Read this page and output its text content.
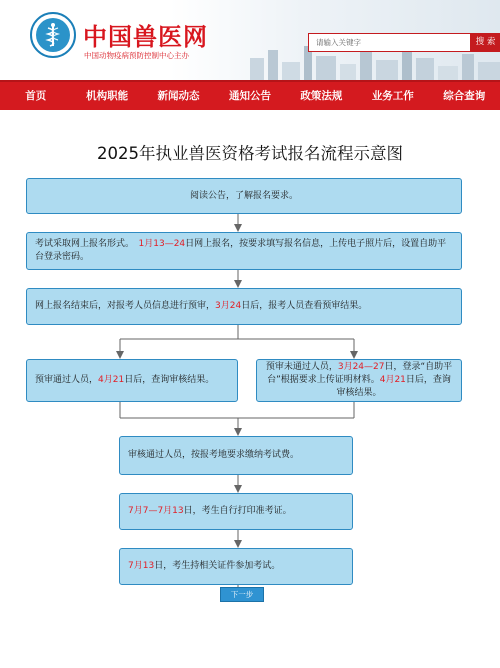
中国兽医网
中国动物疫病预防控制中心主办
请输入关键字	搜 索
首页	机构职能	新闻动态	通知公告	政策法规	业务工作	综合查询
2025年执业兽医资格考试报名流程示意图
阅读公告，了解报名要求。
考试采取网上报名形式。　 1月13—24日网上报名，按要求填写报名信息，上传电子照片后，设置自助平台登录密码。
网上报名结束后，对报考人员信息进行预审，3月24日后，报考人员查看预审结果。
预审通过人员，4月21日后，查询审核结果。
预审未通过人员，3月24—27日，登录“自助平台”根据要求上传证明材料。4月21日后，查询审核结果。
审核通过人员，按报考地要求缴纳考试费。
7月7—7月13日，考生自行打印准考证。
7月13日，考生持相关证件参加考试。
下一步
